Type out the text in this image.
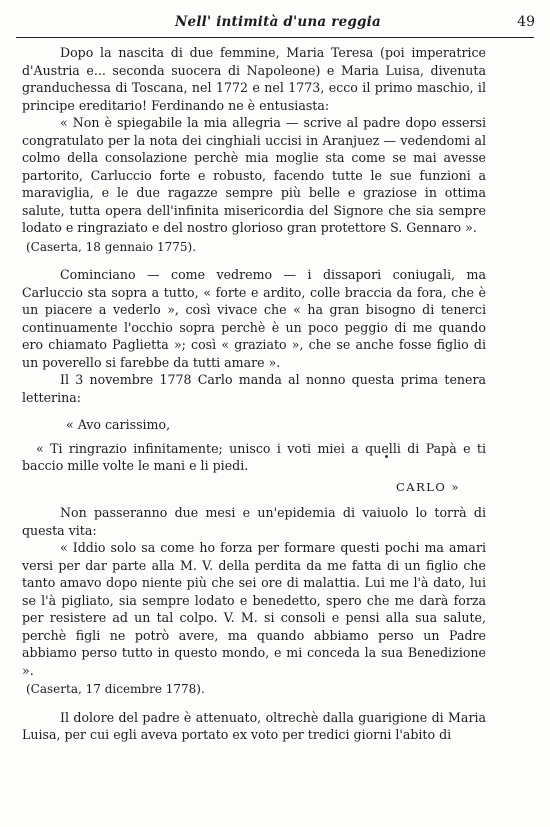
Nell' intimità d'una reggia	49

Dopo la nascita di due femmine, Maria Teresa (poi imperatrice d'Austria e... seconda suocera di Napoleone) e Maria Luisa, divenuta granduchessa di Toscana, nel 1772 e nel 1773, ecco il primo maschio, il principe ereditario! Ferdinando ne è entusiasta:

« Non è spiegabile la mia allegria — scrive al padre dopo essersi congratulato per la nota dei cinghiali uccisi in Aranjuez — vedendomi al colmo della consolazione perchè mia moglie sta come se mai avesse partorito, Carluccio forte e robusto, facendo tutte le sue funzioni a maraviglia, e le due ragazze sempre più belle e graziose in ottima salute, tutta opera dell'infinita misericordia del Signore che sia sempre lodato e ringraziato e del nostro glorioso gran protettore S. Gennaro ».

(Caserta, 18 gennaio 1775).

Cominciano — come vedremo — i dissapori coniugali, ma Carluccio sta sopra a tutto, « forte e ardito, colle braccia da fora, che è un piacere a vederlo », così vivace che « ha gran bisogno di tenerci continuamente l'occhio sopra perchè è un poco peggio di me quando ero chiamato Paglietta »; così « graziato », che se anche fosse figlio di un poverello si farebbe da tutti amare ».

Il 3 novembre 1778 Carlo manda al nonno questa prima tenera letterina:

« Avo carissimo,

« Ti ringrazio infinitamente; unisco i voti miei a quelli di Papà e ti baccio mille volte le mani e li piedi.

CARLO »

Non passeranno due mesi e un'epidemia di vaiuolo lo torrà di questa vita:

« Iddio solo sa come ho forza per formare questi pochi ma amari versi per dar parte alla M. V. della perdita da me fatta di un figlio che tanto amavo dopo niente più che sei ore di malattia. Lui me l'à dato, lui se l'à pigliato, sia sempre lodato e benedetto, spero che me darà forza per resistere ad un tal colpo. V. M. si consoli e pensi alla sua salute, perchè figli ne potrò avere, ma quando abbiamo perso un Padre abbiamo perso tutto in questo mondo, e mi conceda la sua Benedizione ».

(Caserta, 17 dicembre 1778).

Il dolore del padre è attenuato, oltrechè dalla guarigione di Maria Luisa, per cui egli aveva portato ex voto per tredici giorni l'abito di
